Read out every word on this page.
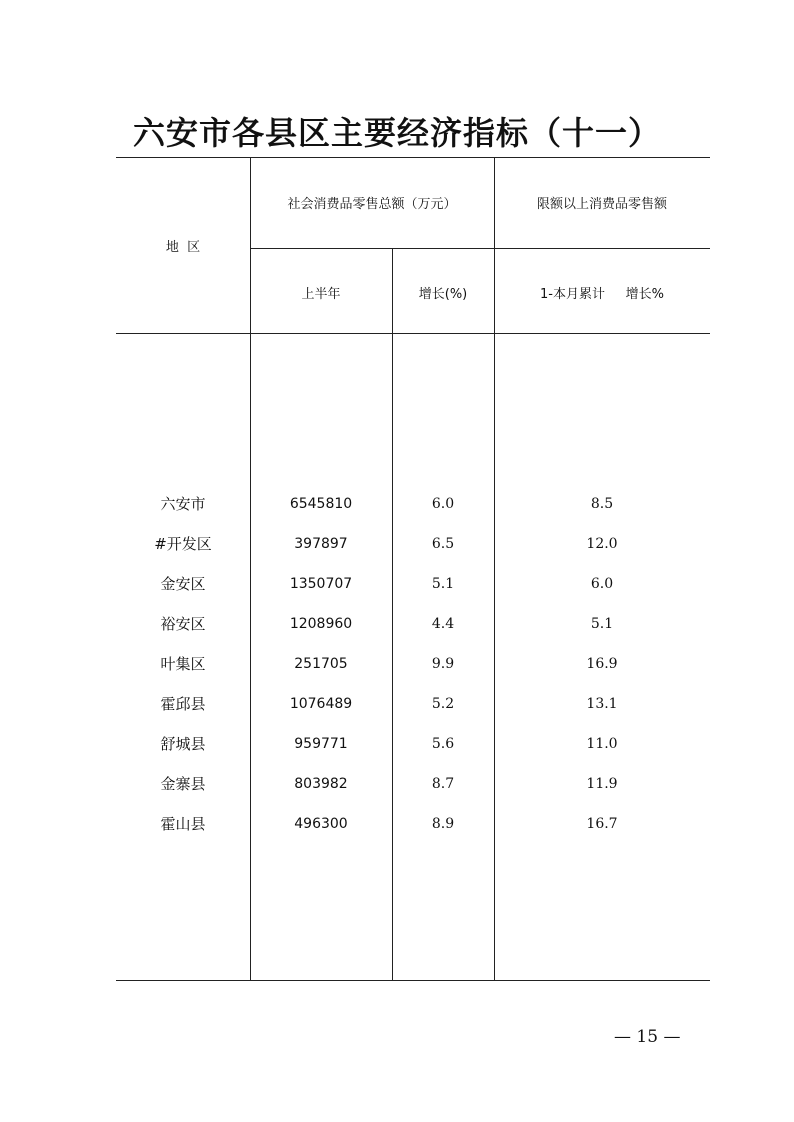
六安市各县区主要经济指标（十一）
地  区
社会消费品零售总额（万元）	限额以上消费品零售额
上半年	增长(%)	1-本月累计 增长%
六安市	6545810	6.0	8.5
#开发区	397897	6.5	12.0
金安区	1350707	5.1	6.0
裕安区	1208960	4.4	5.1
叶集区	251705	9.9	16.9
霍邱县	1076489	5.2	13.1
舒城县	959771	5.6	11.0
金寨县	803982	8.7	11.9
霍山县	496300	8.9	16.7
— 15 —
